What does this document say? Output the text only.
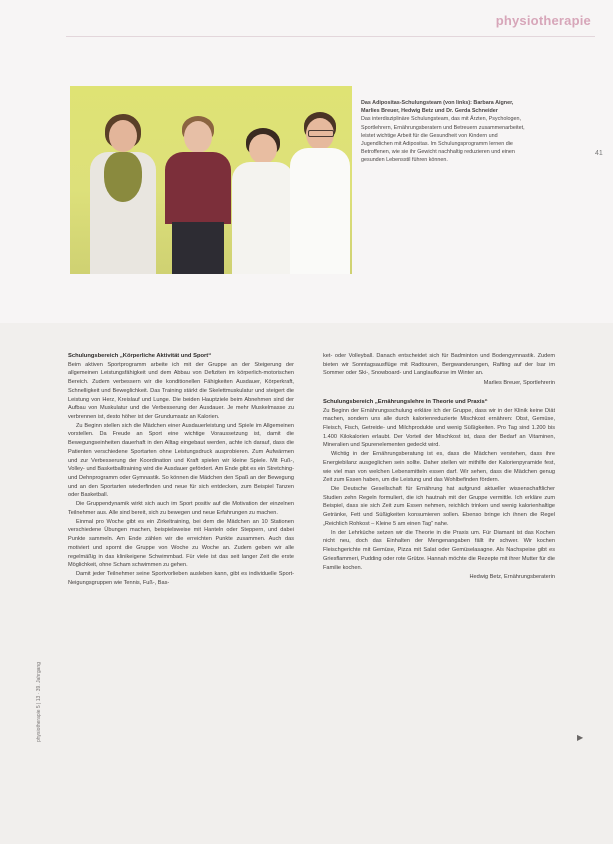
physiotherapie
Das Adipositas-Schulungsteam (von links): Barbara Aigner, Marlies Breuer, Hedwig Betz und Dr. Gerda Schneider
Das interdisziplinäre Schulungsteam, das mit Ärzten, Psychologen, Sportlehrern, Ernährungsberatern und Betreuern zusammenarbeitet, leistet wichtige Arbeit für die Gesundheit von Kindern und Jugendlichen mit Adipositas. Im Schulungsprogramm lernen die Betroffenen, wie sie ihr Gewicht nachhaltig reduzieren und einen gesunden Lebensstil führen können.
41
Schulungsbereich „Körperliche Aktivität und Sport“

Beim aktiven Sportprogramm arbeite ich mit der Gruppe an der Steigerung der allgemeinen Leistungsfähigkeit und dem Abbau von Defiziten im körperlich-motorischen Bereich. Zudem verbessern wir die konditionellen Fähigkeiten Ausdauer, Körperkraft, Schnelligkeit und Beweglichkeit. Das Training stärkt die Skelettmuskulatur und steigert die Leistung von Herz, Kreislauf und Lunge. Die beiden Hauptziele beim Abnehmen sind der Aufbau von Muskulatur und die Verbesserung der Ausdauer. Je mehr Muskelmasse zu verbrennen ist, desto höher ist der Grundumsatz an Kalorien.

Zu Beginn stellen sich die Mädchen einer Ausdauerleistung und Spiele im Allgemeinen vorstellen. Da Freude an Sport eine wichtige Voraussetzung ist, damit die Bewegungseinheiten dauerhaft in den Alltag eingebaut werden, achte ich darauf, dass die Patienten verschiedene Sportarten ohne Leistungsdruck ausprobieren. Zum Aufwärmen und zur Verbesserung der Koordination und Kraft spielen wir kleine Spiele. Mit Fuß-, Volley- und Basketballtraining wird die Ausdauer gefördert. Am Ende gibt es ein Stretching- und Dehnprogramm oder Gymnastik. So können die Mädchen den Spaß an der Bewegung und an den Sportarten wiederfinden und neue für sich entdecken, zum Beispiel Tanzen oder Basketball.

Die Gruppendynamik wirkt sich auch im Sport positiv auf die Motivation der einzelnen Teilnehmer aus. Alle sind bereit, sich zu bewegen und neue Erfahrungen zu machen.

Einmal pro Woche gibt es ein Zirkeltraining, bei dem die Mädchen an 10 Stationen verschiedene Übungen machen, beispielsweise mit Hanteln oder Steppern, und dabei Punkte sammeln. Am Ende zählen wir die erreichten Punkte zusammen. Auch das motiviert und spornt die Gruppe von Woche zu Woche an. Zudem geben wir alle regelmäßig in das klinikeigene Schwimmbad. Für viele ist das seit langer Zeit die erste Möglichkeit, ohne Scham schwimmen zu gehen.

Damit jeder Teilnehmer seine Sportvorlieben ausleben kann, gibt es individuelle Sport-Neigungsgruppen wie Tennis, Fuß-, Bas-

ket- oder Volleyball. Danach entscheidet sich für Badminton und Bodengymnastik. Zudem bieten wir Sonntagsausflüge mit Radtouren, Bergwanderungen, Rafting auf der Isar im Sommer oder Ski-, Snowboard- und Langlaufkurse im Winter an.

Marlies Breuer, Sportlehrerin

Schulungsbereich „Ernährungslehre in Theorie und Praxis“

Zu Beginn der Ernährungsschulung erkläre ich der Gruppe, dass wir in der Klinik keine Diät machen, sondern uns alle durch kalorienreduzierte Mischkost ernähren: Obst, Gemüse, Fleisch, Fisch, Getreide- und Milchprodukte und wenig Süßigkeiten. Pro Tag sind 1.200 bis 1.400 Kilokalorien erlaubt. Der Vorteil der Mischkost ist, dass der Bedarf an Vitaminen, Mineralien und Spurenelementen gedeckt wird.

Wichtig in der Ernährungsberatung ist es, dass die Mädchen verstehen, dass ihre Energiebilanz ausgeglichen sein sollte. Daher stellen wir mithilfe der Kalorienpyramide fest, wie viel man von welchen Lebensmitteln essen darf. Wir sehen, dass die Mädchen genug Zeit zum Essen haben, um die Leistung und das Wohlbefinden fördern.

Die Deutsche Gesellschaft für Ernährung hat aufgrund aktueller wissenschaftlicher Studien zehn Regeln formuliert, die ich hautnah mit der Gruppe vermittle. Ich erkläre zum Beispiel, dass sie sich Zeit zum Essen nehmen, reichlich trinken und wenig kalorienhaltige Getränke, Fett und Süßigkeiten konsumieren sollen. Ebenso bringe ich ihnen die Regel „Reichlich Rohkost – Kleine 5 am einen Tag“ nahe.

In der Lehrküche setzen wir die Theorie in die Praxis um. Für Diamant ist das Kochen nicht neu, doch das Einhalten der Mengenangaben fällt ihr schwer. Wir kochen Fleischgerichte mit Gemüse, Pizza mit Salat oder Gemüselasagne. Als Nachspeise gibt es Griesflammeri, Pudding oder rote Grütze. Hannah möchte die Rezepte mit ihrer Mutter für die Familie kochen.

Hedwig Betz, Ernährungsberaterin

▶
physiotherapie 5 | 13 · 39. Jahrgang
